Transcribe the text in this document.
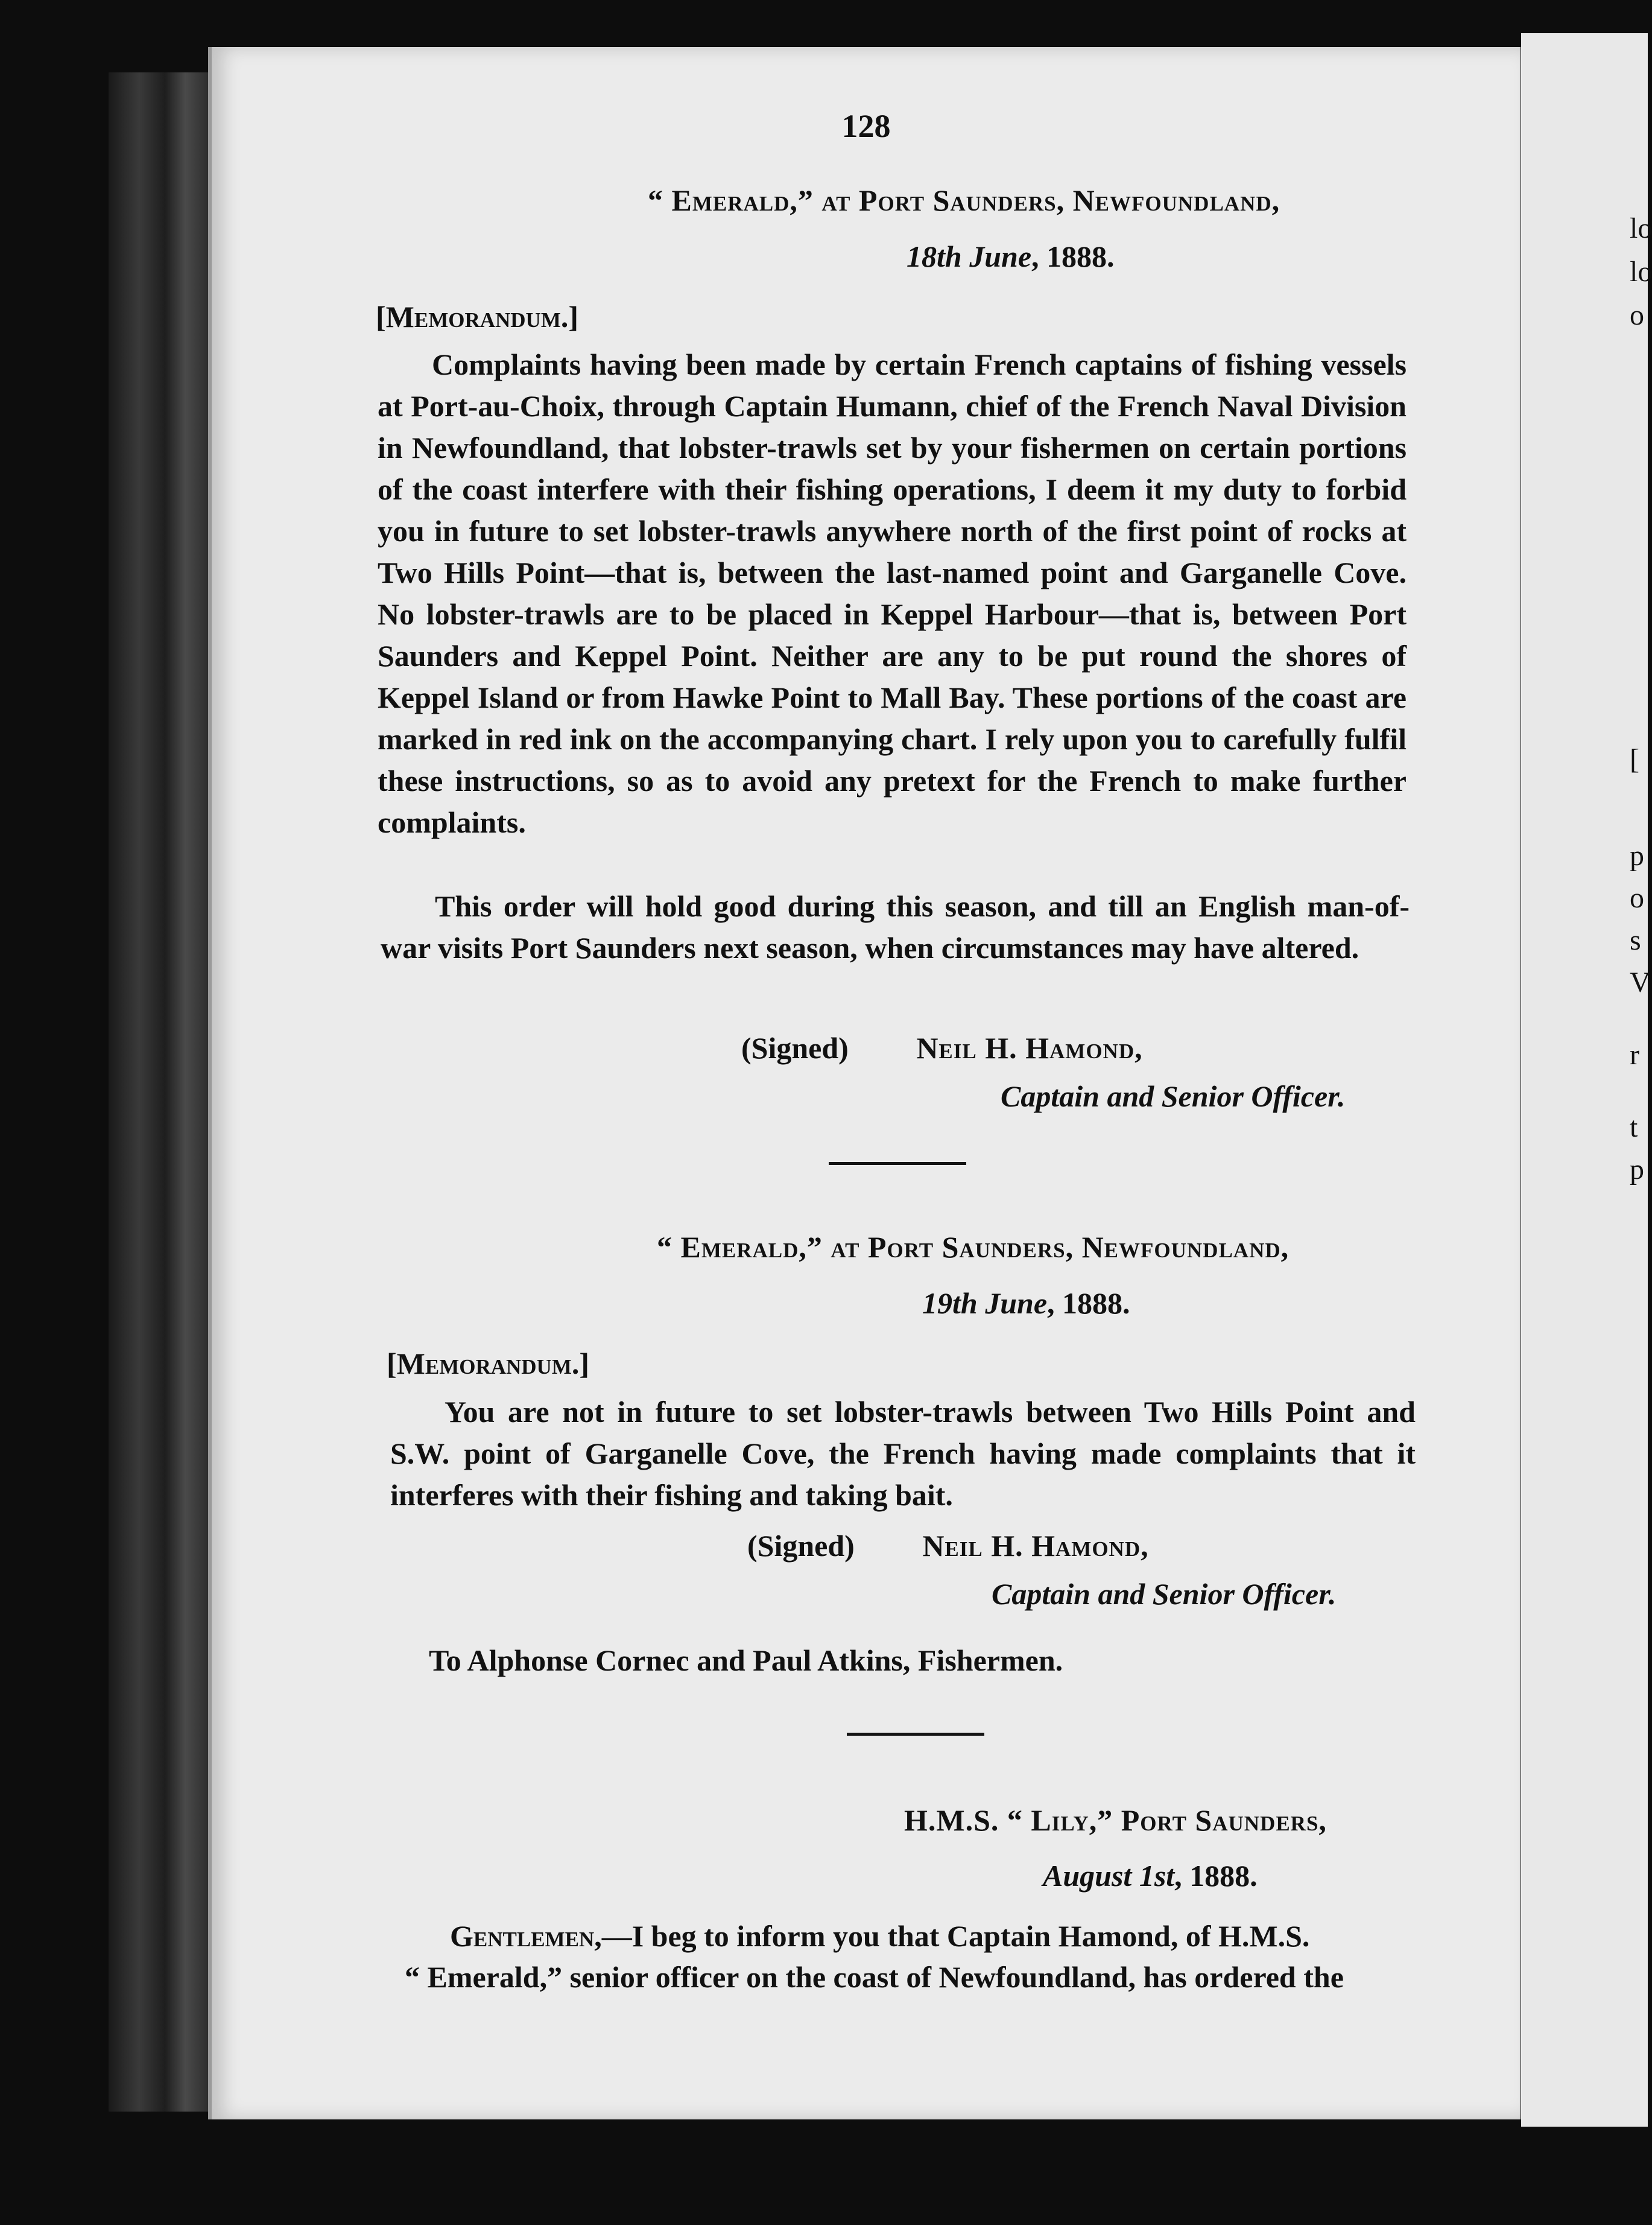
128
“ Emerald,” at Port Saunders, Newfoundland,
18th June, 1888.
[Memorandum.]
Complaints having been made by certain French captains of fishing vessels at Port-au-Choix, through Captain Humann, chief of the French Naval Division in Newfoundland, that lobster-trawls set by your fishermen on certain portions of the coast interfere with their fishing operations, I deem it my duty to forbid you in future to set lobster-trawls anywhere north of the first point of rocks at Two Hills Point—that is, between the last-named point and Garganelle Cove. No lobster-trawls are to be placed in Keppel Harbour—that is, between Port Saunders and Keppel Point. Neither are any to be put round the shores of Keppel Island or from Hawke Point to Mall Bay. These portions of the coast are marked in red ink on the accompanying chart. I rely upon you to carefully fulfil these instructions, so as to avoid any pretext for the French to make further complaints.
This order will hold good during this season, and till an English man-of-war visits Port Saunders next season, when circumstances may have altered.
(Signed) Neil H. Hamond,
Captain and Senior Officer.
“ Emerald,” at Port Saunders, Newfoundland,
19th June, 1888.
[Memorandum.]
You are not in future to set lobster-trawls between Two Hills Point and S.W. point of Garganelle Cove, the French having made complaints that it interferes with their fishing and taking bait.
(Signed) Neil H. Hamond,
Captain and Senior Officer.
To Alphonse Cornec and Paul Atkins, Fishermen.
H.M.S. “ Lily,” Port Saunders,
August 1st, 1888.
Gentlemen,—I beg to inform you that Captain Hamond, of H.M.S.
“ Emerald,” senior officer on the coast of Newfoundland, has ordered the
lo
lo
o
[
p
o
s
V
r
t
p
